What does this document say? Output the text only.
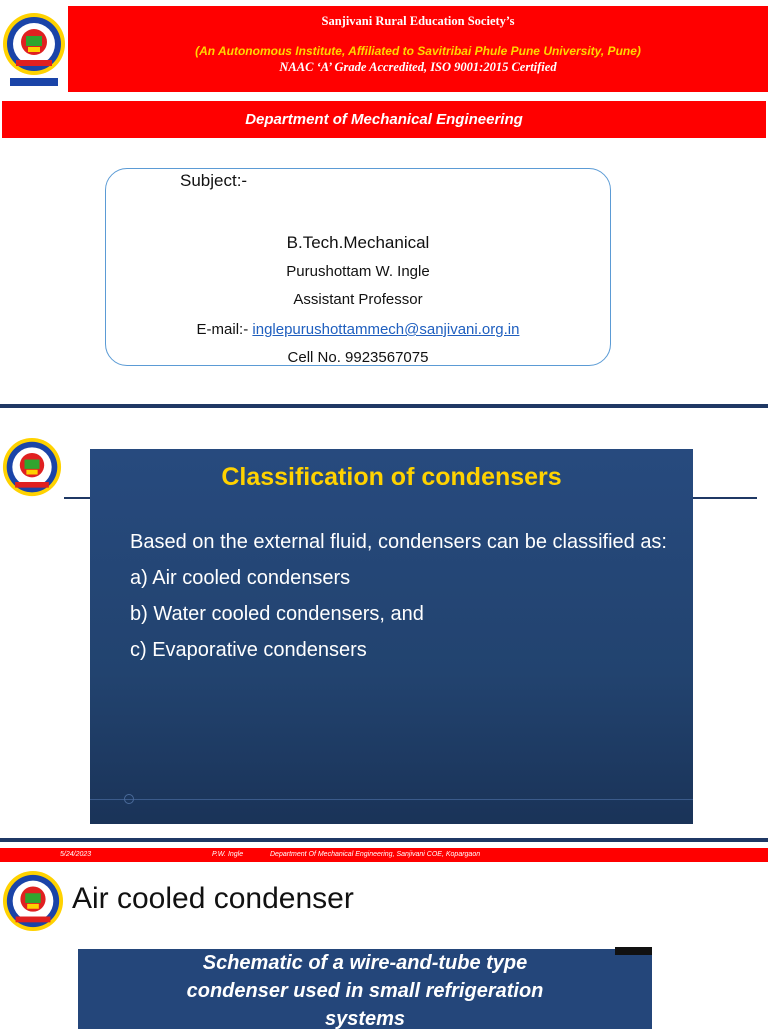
Sanjivani Rural Education Society’s
(An Autonomous Institute, Affiliated to Savitribai Phule Pune University, Pune)
NAAC ‘A’ Grade Accredited, ISO 9001:2015 Certified
Department of Mechanical Engineering
Subject:-
B.Tech.Mechanical
Purushottam W. Ingle
Assistant Professor
E-mail:- inglepurushottammech@sanjivani.org.in
Cell No. 9923567075
Classification of condensers
Based on the external fluid, condensers can be classified as:
a) Air cooled condensers
b) Water cooled condensers, and
c) Evaporative condensers
5/24/2023	P.W. Ingle	Department Of Mechanical Engineering, Sanjivani COE, Kopargaon
Air cooled condenser
Schematic of a wire-and-tube type
condenser used in small refrigeration
systems
